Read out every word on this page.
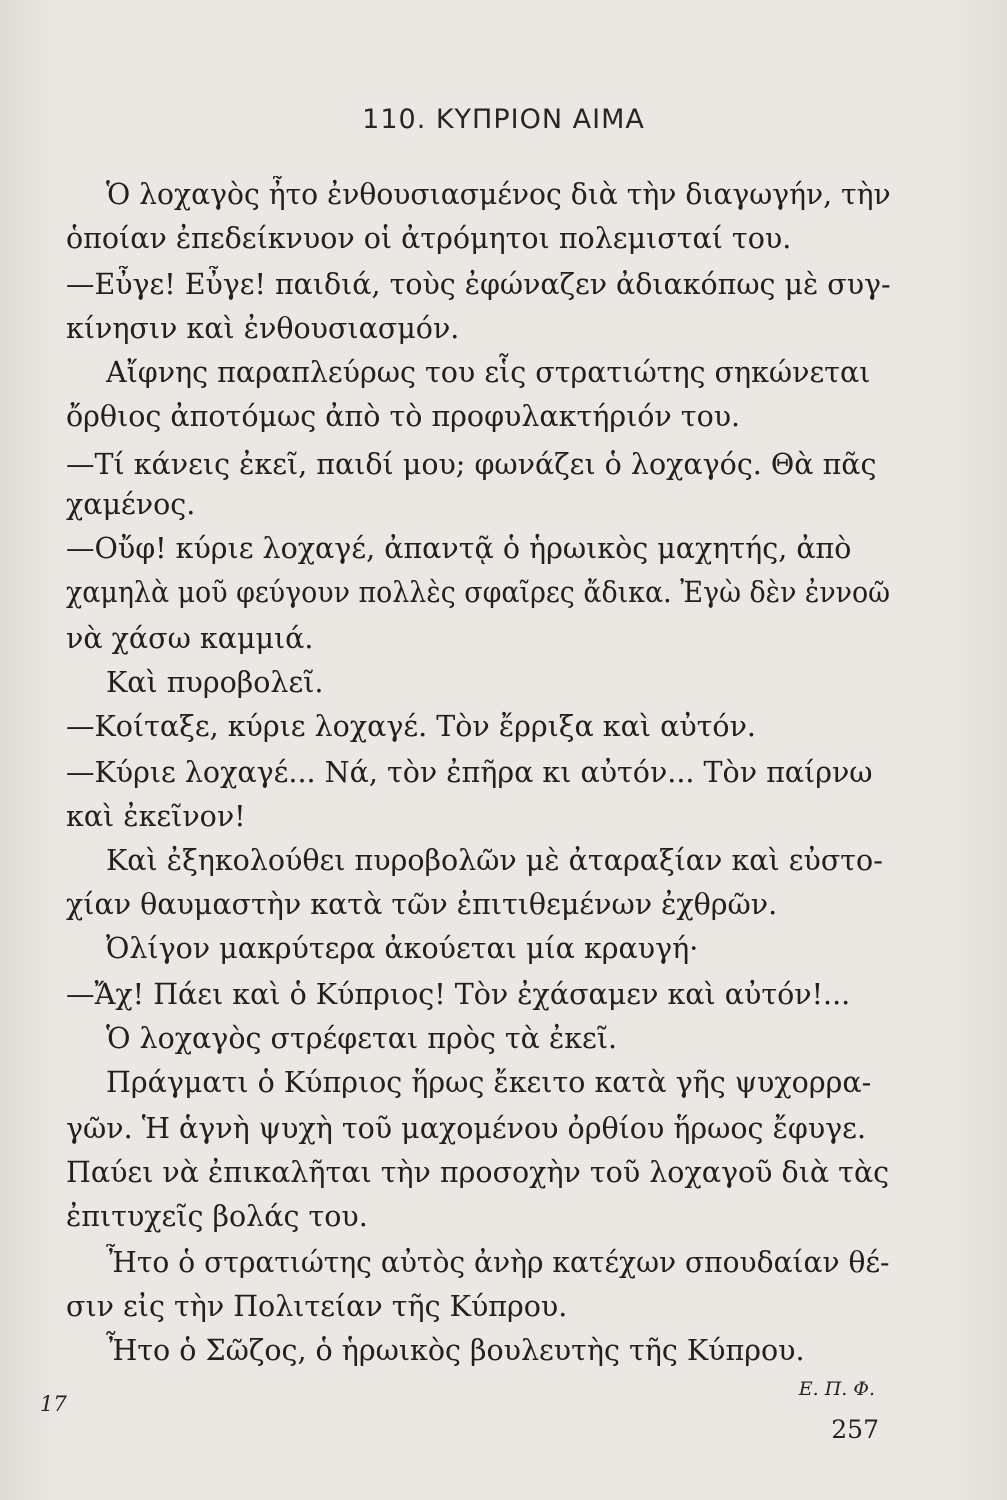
110. ΚΥΠΡΙΟΝ ΑΙΜΑ
Ὁ λοχαγὸς ἦτο ἐνθουσιασμένος διὰ τὴν διαγωγήν, τὴν
ὁποίαν ἐπεδείκνυον οἱ ἀτρόμητοι πολεμισταί του.
—Εὖγε! Εὖγε! παιδιά, τοὺς ἐφώναζεν ἀδιακόπως μὲ συγ-
κίνησιν καὶ ἐνθουσιασμόν.
Αἴφνης παραπλεύρως του εἷς στρατιώτης σηκώνεται
ὄρθιος ἀποτόμως ἀπὸ τὸ προφυλακτήριόν του.
—Τί κάνεις ἐκεῖ, παιδί μου; φωνάζει ὁ λοχαγός. Θὰ πᾶς
χαμένος.
—Οὔφ! κύριε λοχαγέ, ἀπαντᾷ ὁ ἡρωικὸς μαχητής, ἀπὸ
χαμηλὰ μοῦ φεύγουν πολλὲς σφαῖρες ἄδικα. Ἐγὼ δὲν ἐννοῶ
νὰ χάσω καμμιά.
Καὶ πυροβολεῖ.
—Κοίταξε, κύριε λοχαγέ. Τὸν ἔρριξα καὶ αὐτόν.
—Κύριε λοχαγέ... Νά, τὸν ἐπῆρα κι αὐτόν... Τὸν παίρνω
καὶ ἐκεῖνον!
Καὶ ἐξηκολούθει πυροβολῶν μὲ ἀταραξίαν καὶ εὐστο-
χίαν θαυμαστὴν κατὰ τῶν ἐπιτιθεμένων ἐχθρῶν.
Ὀλίγον μακρύτερα ἀκούεται μία κραυγή·
—Ἄχ! Πάει καὶ ὁ Κύπριος! Τὸν ἐχάσαμεν καὶ αὐτόν!...
Ὁ λοχαγὸς στρέφεται πρὸς τὰ ἐκεῖ.
Πράγματι ὁ Κύπριος ἥρως ἔκειτο κατὰ γῆς ψυχορρα-
γῶν. Ἡ ἁγνὴ ψυχὴ τοῦ μαχομένου ὀρθίου ἥρωος ἔφυγε.
Παύει νὰ ἐπικαλῆται τὴν προσοχὴν τοῦ λοχαγοῦ διὰ τὰς
ἐπιτυχεῖς βολάς του.
Ἦτο ὁ στρατιώτης αὐτὸς ἀνὴρ κατέχων σπουδαίαν θέ-
σιν εἰς τὴν Πολιτείαν τῆς Κύπρου.
Ἦτο ὁ Σῶζος, ὁ ἡρωικὸς βουλευτὴς τῆς Κύπρου.
Ε. Π. Φ.
17
257
